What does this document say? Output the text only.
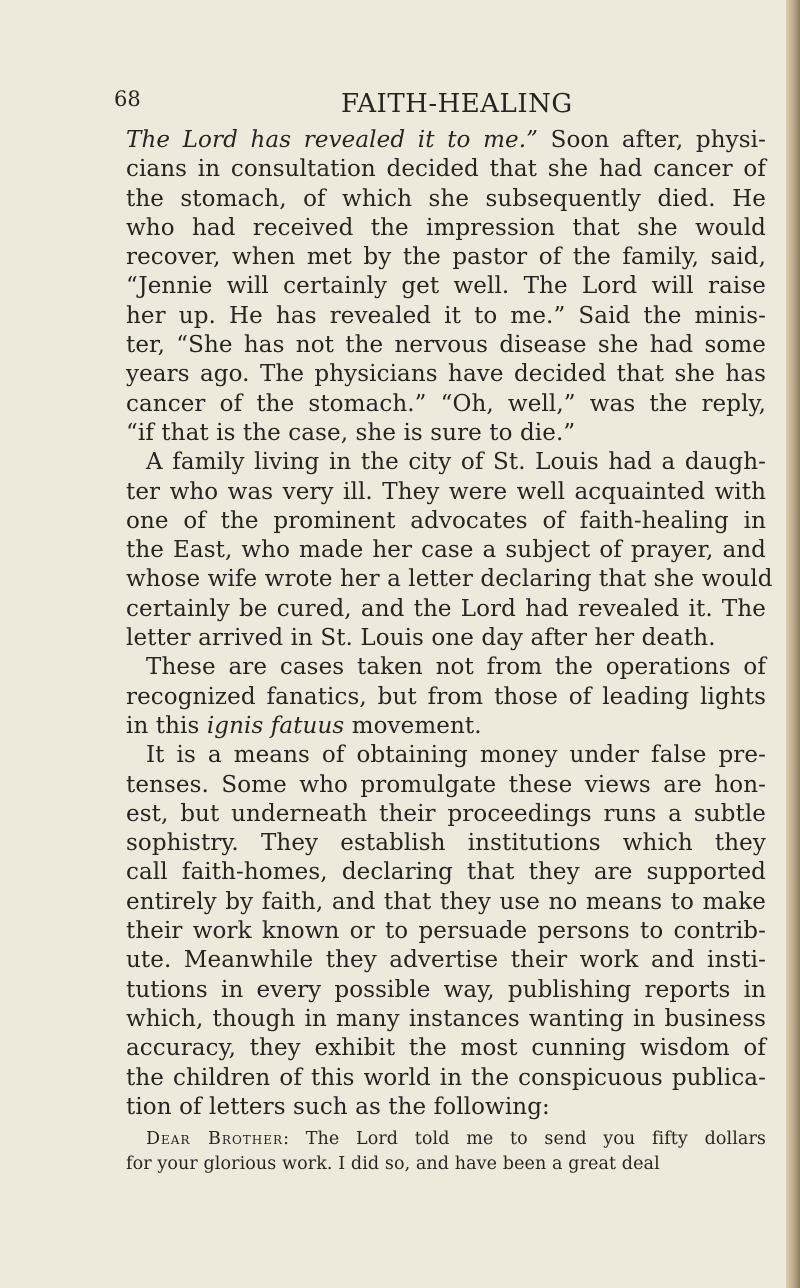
68	FAITH-HEALING
The Lord has revealed it to me.” Soon after, physi-
cians in consultation decided that she had cancer of
the stomach, of which she subsequently died. He
who had received the impression that she would
recover, when met by the pastor of the family, said,
“Jennie will certainly get well. The Lord will raise
her up. He has revealed it to me.” Said the minis-
ter, “She has not the nervous disease she had some
years ago. The physicians have decided that she has
cancer of the stomach.” “Oh, well,” was the reply,
“if that is the case, she is sure to die.”
A family living in the city of St. Louis had a daugh-
ter who was very ill. They were well acquainted with
one of the prominent advocates of faith-healing in
the East, who made her case a subject of prayer, and
whose wife wrote her a letter declaring that she would
certainly be cured, and the Lord had revealed it. The
letter arrived in St. Louis one day after her death.
These are cases taken not from the operations of
recognized fanatics, but from those of leading lights
in this ignis fatuus movement.
It is a means of obtaining money under false pre-
tenses. Some who promulgate these views are hon-
est, but underneath their proceedings runs a subtle
sophistry. They establish institutions which they
call faith-homes, declaring that they are supported
entirely by faith, and that they use no means to make
their work known or to persuade persons to contrib-
ute. Meanwhile they advertise their work and insti-
tutions in every possible way, publishing reports in
which, though in many instances wanting in business
accuracy, they exhibit the most cunning wisdom of
the children of this world in the conspicuous publica-
tion of letters such as the following:
Dear Brother: The Lord told me to send you fifty dollars
for your glorious work. I did so, and have been a great deal
